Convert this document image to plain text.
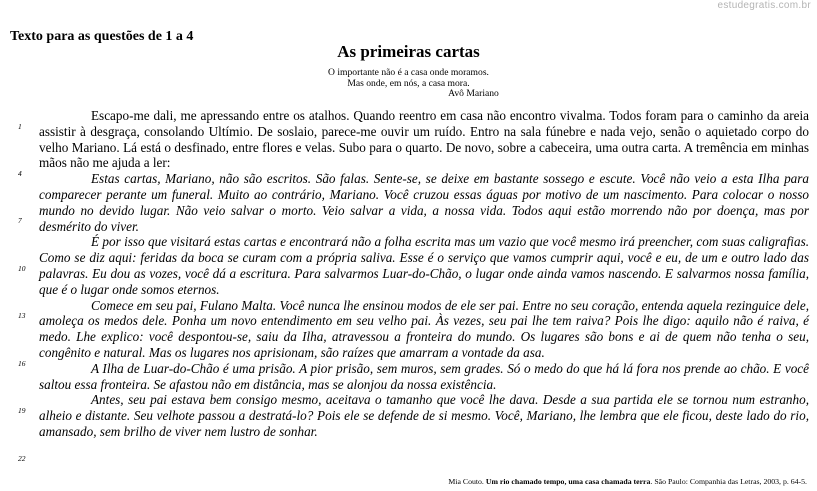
estudegratis.com.br
Texto para as questões de 1 a 4
As primeiras cartas
O importante não é a casa onde moramos.
Mas onde, em nós, a casa mora.
Avô Mariano
1
4
7
10
13
16
19
22

Escapo-me dali, me apressando entre os atalhos. Quando reentro em casa não encontro vivalma. Todos foram para o caminho da areia assistir à desgraça, consolando Ultímio. De soslaio, parece-me ouvir um ruído. Entro na sala fúnebre e nada vejo, senão o aquietado corpo do velho Mariano. Lá está o desfinado, entre flores e velas. Subo para o quarto. De novo, sobre a cabeceira, uma outra carta. A tremência em minhas mãos não me ajuda a ler:

Estas cartas, Mariano, não são escritos. São falas. Sente-se, se deixe em bastante sossego e escute. Você não veio a esta Ilha para comparecer perante um funeral. Muito ao contrário, Mariano. Você cruzou essas águas por motivo de um nascimento. Para colocar o nosso mundo no devido lugar. Não veio salvar o morto. Veio salvar a vida, a nossa vida. Todos aqui estão morrendo não por doença, mas por desmérito do viver.

É por isso que visitará estas cartas e encontrará não a folha escrita mas um vazio que você mesmo irá preencher, com suas caligrafias. Como se diz aqui: feridas da boca se curam com a própria saliva. Esse é o serviço que vamos cumprir aqui, você e eu, de um e outro lado das palavras. Eu dou as vozes, você dá a escritura. Para salvarmos Luar-do-Chão, o lugar onde ainda vamos nascendo. E salvarmos nossa família, que é o lugar onde somos eternos.

Comece em seu pai, Fulano Malta. Você nunca lhe ensinou modos de ele ser pai. Entre no seu coração, entenda aquela rezinguice dele, amoleça os medos dele. Ponha um novo entendimento em seu velho pai. Às vezes, seu pai lhe tem raiva? Pois lhe digo: aquilo não é raiva, é medo. Lhe explico: você despontou-se, saiu da Ilha, atravessou a fronteira do mundo. Os lugares são bons e ai de quem não tenha o seu, congênito e natural. Mas os lugares nos aprisionam, são raízes que amarram a vontade da asa.

A Ilha de Luar-do-Chão é uma prisão. A pior prisão, sem muros, sem grades. Só o medo do que há lá fora nos prende ao chão. E você saltou essa fronteira. Se afastou não em distância, mas se alonjou da nossa existência.

Antes, seu pai estava bem consigo mesmo, aceitava o tamanho que você lhe dava. Desde a sua partida ele se tornou num estranho, alheio e distante. Seu velhote passou a destratá-lo? Pois ele se defende de si mesmo. Você, Mariano, lhe lembra que ele ficou, deste lado do rio, amansado, sem brilho de viver nem lustro de sonhar.

Mia Couto. Um rio chamado tempo, uma casa chamada terra. São Paulo: Companhia das Letras, 2003, p. 64-5.
